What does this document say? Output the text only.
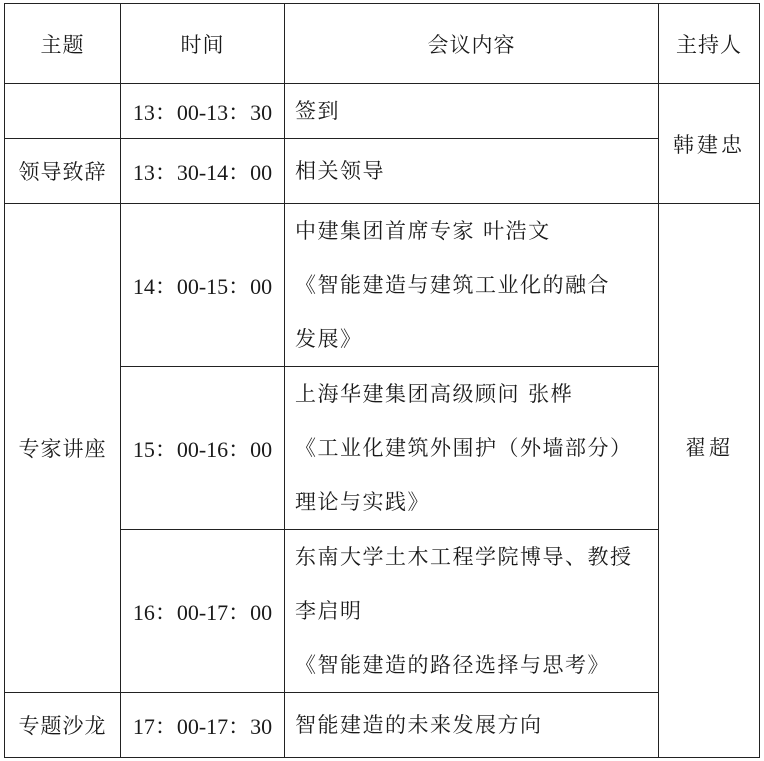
主题	时间	会议内容	主持人
	13：00-13：30	签到	韩建忠
领导致辞	13：30-14：00	相关领导	

专家讲座	14：00-15：00	中建集团首席专家 叶浩文
《智能建造与建筑工业化的融合
发展》	翟超
	15：00-16：00	上海华建集团高级顾问 张桦
《工业化建筑外围护（外墙部分）
理论与实践》	

	16：00-17：00	东南大学土木工程学院博导、教授
李启明
《智能建造的路径选择与思考》	

专题沙龙	17：00-17：30	智能建造的未来发展方向	
